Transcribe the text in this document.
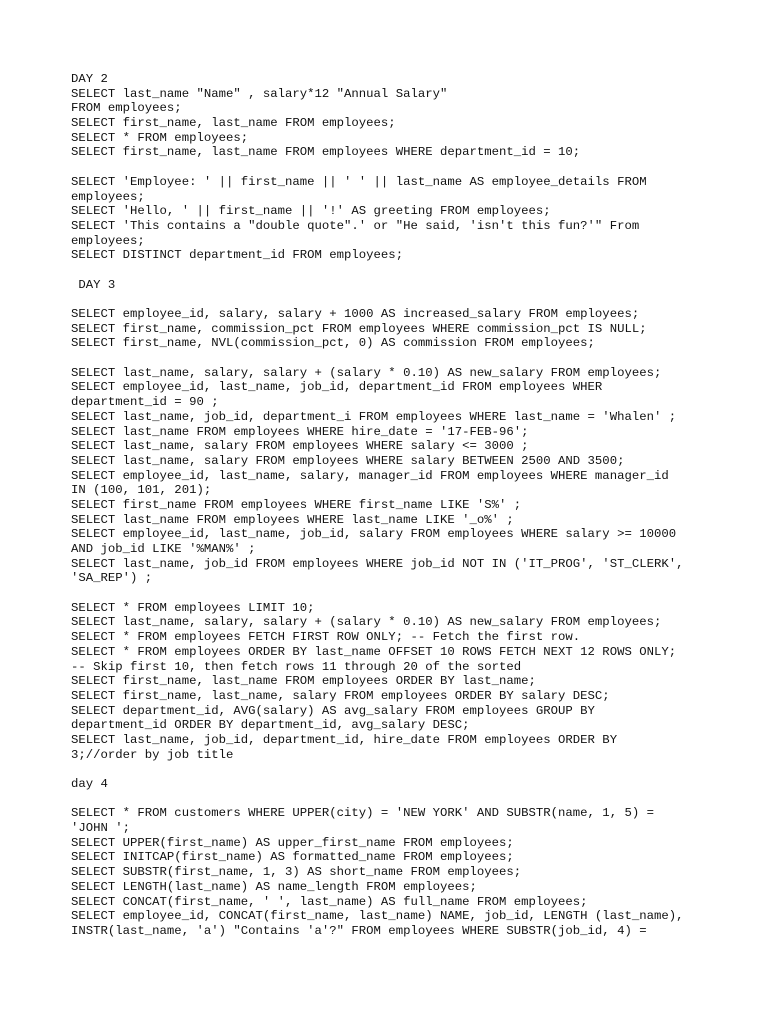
DAY 2
SELECT last_name "Name" , salary*12 "Annual Salary"
FROM employees;
SELECT first_name, last_name FROM employees;
SELECT * FROM employees;
SELECT first_name, last_name FROM employees WHERE department_id = 10;
SELECT 'Employee: ' || first_name || ' ' || last_name AS employee_details FROM
employees;
SELECT 'Hello, ' || first_name || '!' AS greeting FROM employees;
SELECT 'This contains a "double quote".' or "He said, 'isn't this fun?'" From
employees;
SELECT DISTINCT department_id FROM employees;
DAY 3
SELECT employee_id, salary, salary + 1000 AS increased_salary FROM employees;
SELECT first_name, commission_pct FROM employees WHERE commission_pct IS NULL;
SELECT first_name, NVL(commission_pct, 0) AS commission FROM employees;
SELECT last_name, salary, salary + (salary * 0.10) AS new_salary FROM employees;
SELECT employee_id, last_name, job_id, department_id FROM employees WHER
department_id = 90 ;
SELECT last_name, job_id, department_i FROM employees WHERE last_name = 'Whalen' ;
SELECT last_name FROM employees WHERE hire_date = '17-FEB-96';
SELECT last_name, salary FROM employees WHERE salary <= 3000 ;
SELECT last_name, salary FROM employees WHERE salary BETWEEN 2500 AND 3500;
SELECT employee_id, last_name, salary, manager_id FROM employees WHERE manager_id
IN (100, 101, 201);
SELECT first_name FROM employees WHERE first_name LIKE 'S%' ;
SELECT last_name FROM employees WHERE last_name LIKE '_o%' ;
SELECT employee_id, last_name, job_id, salary FROM employees WHERE salary >= 10000
AND job_id LIKE '%MAN%' ;
SELECT last_name, job_id FROM employees WHERE job_id NOT IN ('IT_PROG', 'ST_CLERK',
'SA_REP') ;
SELECT * FROM employees LIMIT 10;
SELECT last_name, salary, salary + (salary * 0.10) AS new_salary FROM employees;
SELECT * FROM employees FETCH FIRST ROW ONLY; -- Fetch the first row.
SELECT * FROM employees ORDER BY last_name OFFSET 10 ROWS FETCH NEXT 12 ROWS ONLY;
-- Skip first 10, then fetch rows 11 through 20 of the sorted
SELECT first_name, last_name FROM employees ORDER BY last_name;
SELECT first_name, last_name, salary FROM employees ORDER BY salary DESC;
SELECT department_id, AVG(salary) AS avg_salary FROM employees GROUP BY
department_id ORDER BY department_id, avg_salary DESC;
SELECT last_name, job_id, department_id, hire_date FROM employees ORDER BY
3;//order by job title
day 4
SELECT * FROM customers WHERE UPPER(city) = 'NEW YORK' AND SUBSTR(name, 1, 5) =
'JOHN ';
SELECT UPPER(first_name) AS upper_first_name FROM employees;
SELECT INITCAP(first_name) AS formatted_name FROM employees;
SELECT SUBSTR(first_name, 1, 3) AS short_name FROM employees;
SELECT LENGTH(last_name) AS name_length FROM employees;
SELECT CONCAT(first_name, ' ', last_name) AS full_name FROM employees;
SELECT employee_id, CONCAT(first_name, last_name) NAME, job_id, LENGTH (last_name),
INSTR(last_name, 'a') "Contains 'a'?" FROM employees WHERE SUBSTR(job_id, 4) =
